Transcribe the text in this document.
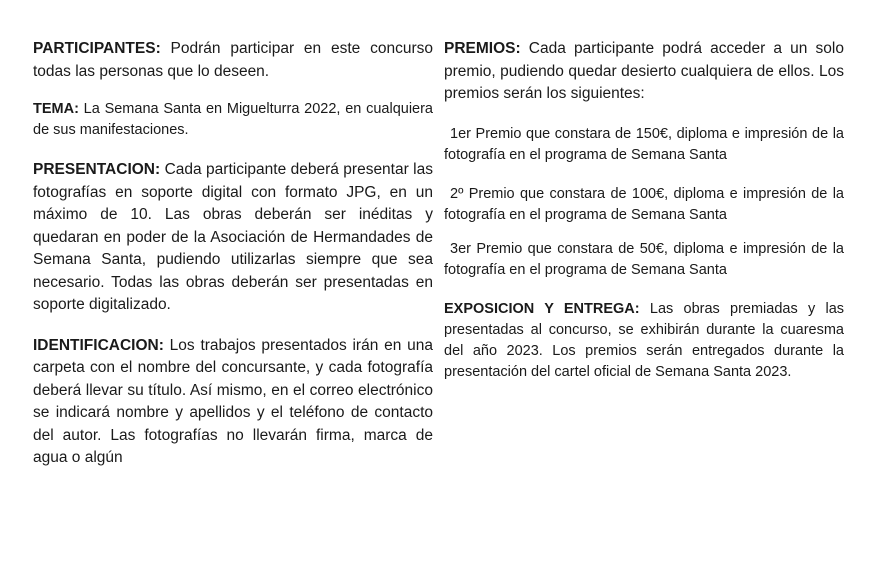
PARTICIPANTES: Podrán participar en este concurso todas las personas que lo deseen.

TEMA: La Semana Santa en Miguelturra 2022, en cualquiera de sus manifestaciones.

PRESENTACION: Cada participante deberá presentar las fotografías en soporte digital con formato JPG, en un máximo de 10. Las obras deberán ser inéditas y quedaran en poder de la Asociación de Hermandades de Semana Santa, pudiendo utilizarlas siempre que sea necesario. Todas las obras deberán ser presentadas en soporte digitalizado.

IDENTIFICACION: Los trabajos presentados irán en una carpeta con el nombre del concursante, y cada fotografía deberá llevar su título. Así mismo, en el correo electrónico se indicará nombre y apellidos y el teléfono de contacto del autor. Las fotografías no llevarán firma, marca de agua o algún

PREMIOS: Cada participante podrá acceder a un solo premio, pudiendo quedar desierto cualquiera de ellos. Los premios serán los siguientes:

1er Premio que constara de 150€, diploma e impresión de la fotografía en el programa de Semana Santa

2º Premio que constara de 100€, diploma e impresión de la fotografía en el programa de Semana Santa

3er Premio que constara de 50€, diploma e impresión de la fotografía en el programa de Semana Santa

EXPOSICION Y ENTREGA: Las obras premiadas y las presentadas al concurso, se exhibirán durante la cuaresma del año 2023. Los premios serán entregados durante la presentación del cartel oficial de Semana Santa 2023.
